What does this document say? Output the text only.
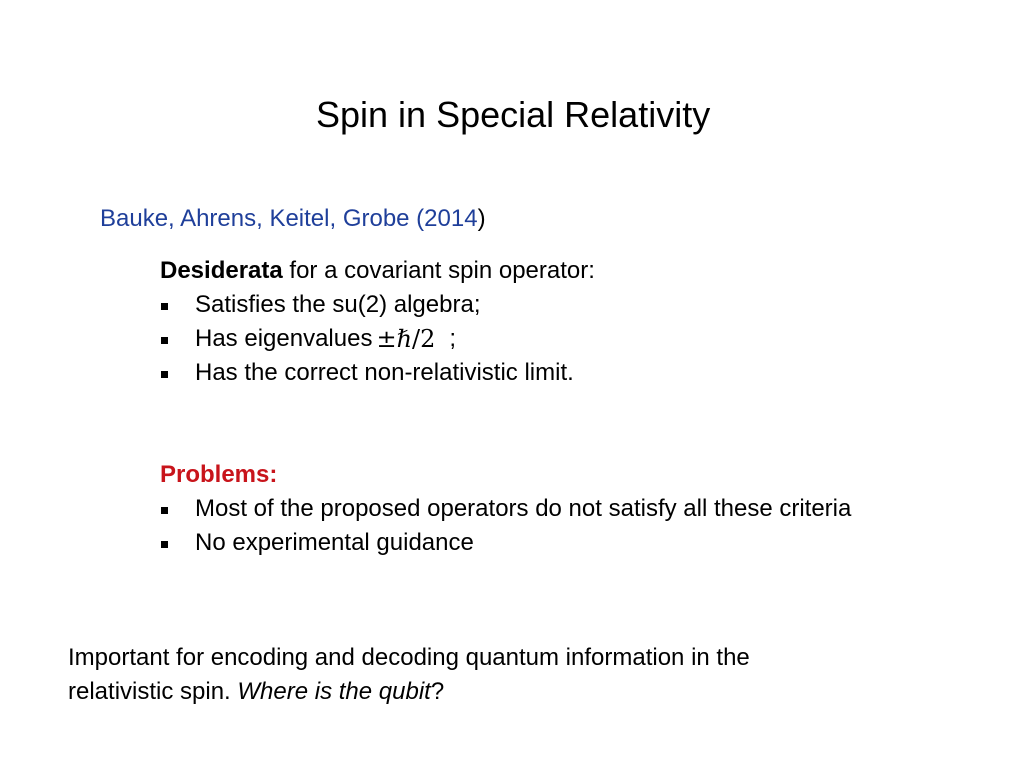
Spin in Special Relativity
Bauke, Ahrens, Keitel, Grobe (2014)
Desiderata for a covariant spin operator:
Satisfies the su(2) algebra;
Has eigenvalues ±ℏ/2 ;
Has the correct non-relativistic limit.
Problems:
Most of the proposed operators do not satisfy all these criteria
No experimental guidance
Important for encoding and decoding quantum information in the
relativistic spin. Where is the qubit?
